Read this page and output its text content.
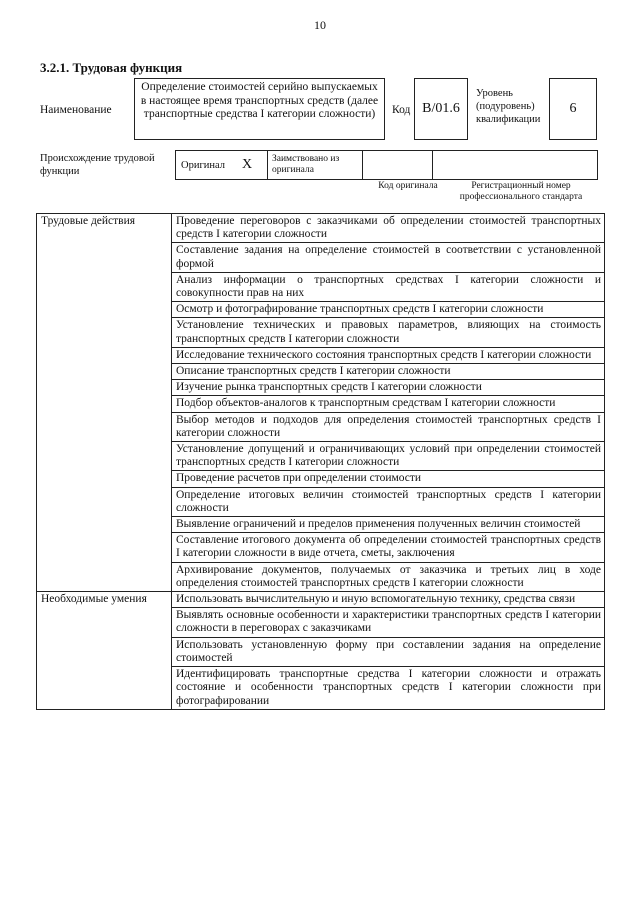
10
3.2.1. Трудовая функция
Наименование
Определение стоимостей серийно выпускаемых в настоящее время транспортных средств (далее транспортные средства I категории сложности)	Код B/01.6
Уровень (подуровень) квалификации
6
Происхождение трудовой функции	Оригинал X Заимствовано из оригинала
Код оригинала	Регистрационный номер профессионального стандарта
Трудовые действия	Проведение переговоров с заказчиками об определении стоимостей транспортных средств I категории сложности
	Составление задания на определение стоимостей в соответствии с установленной формой
	Анализ информации о транспортных средствах I категории сложности и совокупности прав на них
	Осмотр и фотографирование транспортных средств I категории сложности
	Установление технических и правовых параметров, влияющих на стоимость транспортных средств I категории сложности
	Исследование технического состояния транспортных средств I категории сложности
	Описание транспортных средств I категории сложности
	Изучение рынка транспортных средств I категории сложности
	Подбор объектов-аналогов к транспортным средствам I категории сложности
	Выбор методов и подходов для определения стоимостей транспортных средств I категории сложности
	Установление допущений и ограничивающих условий при определении стоимостей транспортных средств I категории сложности
	Проведение расчетов при определении стоимости
	Определение итоговых величин стоимостей транспортных средств I категории сложности
	Выявление ограничений и пределов применения полученных величин стоимостей
	Составление итогового документа об определении стоимостей транспортных средств I категории сложности в виде отчета, сметы, заключения
	Архивирование документов, получаемых от заказчика и третьих лиц в ходе определения стоимостей транспортных средств I категории сложности
Необходимые умения	Использовать вычислительную и иную вспомогательную технику, средства связи
	Выявлять основные особенности и характеристики транспортных средств I категории сложности в переговорах с заказчиками
	Использовать установленную форму при составлении задания на определение стоимостей
	Идентифицировать транспортные средства I категории сложности и отражать состояние и особенности транспортных средств I категории сложности при фотографировании
